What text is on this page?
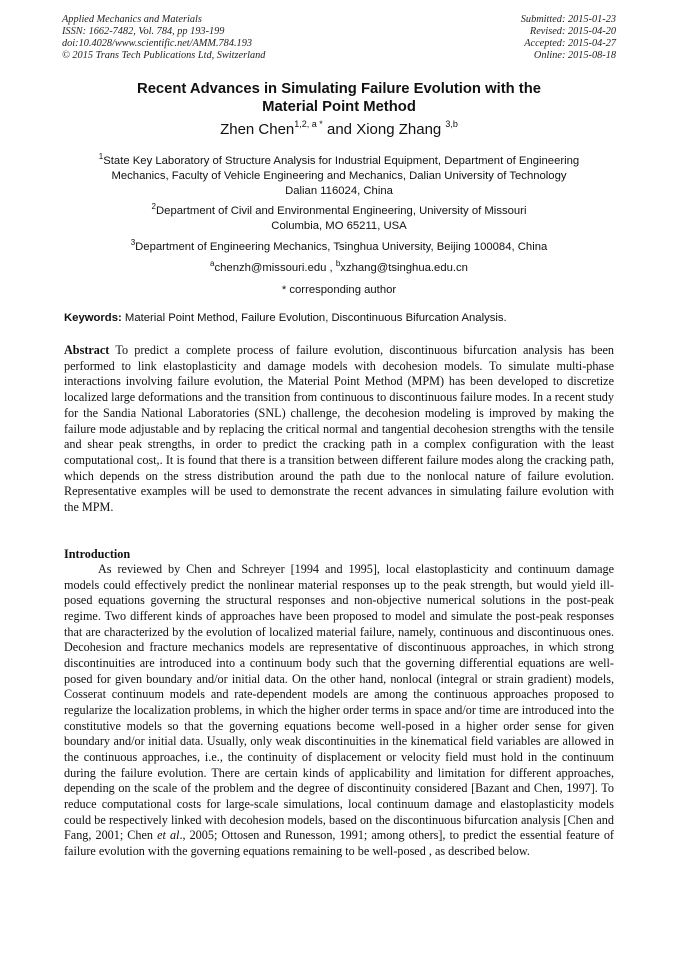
Applied Mechanics and Materials
ISSN: 1662-7482, Vol. 784, pp 193-199
doi:10.4028/www.scientific.net/AMM.784.193
© 2015 Trans Tech Publications Ltd, Switzerland
Submitted: 2015-01-23
Revised: 2015-04-20
Accepted: 2015-04-27
Online: 2015-08-18
Recent Advances in Simulating Failure Evolution with the
Material Point Method
Zhen Chen$^{1,2, a *}$ and Xiong Zhang $^{3,b}$
$^1$State Key Laboratory of Structure Analysis for Industrial Equipment, Department of Engineering
Mechanics, Faculty of Vehicle Engineering and Mechanics, Dalian University of Technology
Dalian 116024, China
$^2$Department of Civil and Environmental Engineering, University of Missouri
Columbia, MO 65211, USA
$^3$Department of Engineering Mechanics, Tsinghua University, Beijing 100084, China
$^a$chenzh@missouri.edu , $^b$xzhang@tsinghua.edu.cn
* corresponding author
Keywords: Material Point Method, Failure Evolution, Discontinuous Bifurcation Analysis.
Abstract To predict a complete process of failure evolution, discontinuous bifurcation analysis has been performed to link elastoplasticity and damage models with decohesion models. To simulate multi-phase interactions involving failure evolution, the Material Point Method (MPM) has been developed to discretize localized large deformations and the transition from continuous to discontinuous failure modes. In a recent study for the Sandia National Laboratories (SNL) challenge, the decohesion modeling is improved by making the failure mode adjustable and by replacing the critical normal and tangential decohesion strengths with the tensile and shear peak strengths, in order to predict the cracking path in a complex configuration with the least computational cost,. It is found that there is a transition between different failure modes along the cracking path, which depends on the stress distribution around the path due to the nonlocal nature of failure evolution. Representative examples will be used to demonstrate the recent advances in simulating failure evolution with the MPM.
Introduction

As reviewed by Chen and Schreyer [1994 and 1995], local elastoplasticity and continuum damage models could effectively predict the nonlinear material responses up to the peak strength, but would yield ill-posed equations governing the structural responses and non-objective numerical solutions in the post-peak regime. Two different kinds of approaches have been proposed to model and simulate the post-peak responses that are characterized by the evolution of localized material failure, namely, continuous and discontinuous ones. Decohesion and fracture mechanics models are representative of discontinuous approaches, in which strong discontinuities are introduced into a continuum body such that the governing differential equations are well-posed for given boundary and/or initial data. On the other hand, nonlocal (integral or strain gradient) models, Cosserat continuum models and rate-dependent models are among the continuous approaches proposed to regularize the localization problems, in which the higher order terms in space and/or time are introduced into the constitutive models so that the governing equations become well-posed in a higher order sense for given boundary and/or initial data. Usually, only weak discontinuities in the kinematical field variables are allowed in the continuous approaches, i.e., the continuity of displacement or velocity field must hold in the continuum during the failure evolution. There are certain kinds of applicability and limitation for different approaches, depending on the scale of the problem and the degree of discontinuity considered [Bazant and Chen, 1997]. To reduce computational costs for large-scale simulations, local continuum damage and elastoplasticity models could be respectively linked with decohesion models, based on the discontinuous bifurcation analysis [Chen and Fang, 2001; Chen et al., 2005; Ottosen and Runesson, 1991; among others], to predict the essential feature of failure evolution with the governing equations remaining to be well-posed , as described below.
